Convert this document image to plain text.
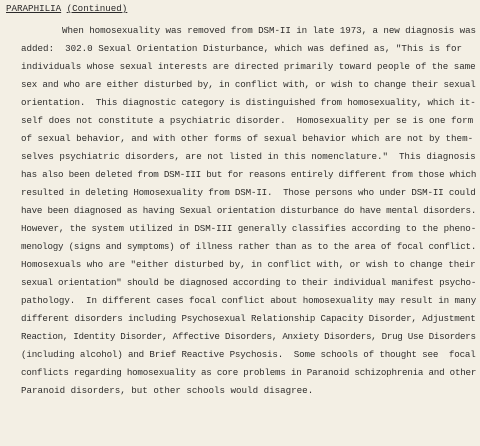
PARAPHILIA (Continued)
When homosexuality was removed from DSM-II in late 1973, a new diagnosis was
added:  302.0 Sexual Orientation Disturbance, which was defined as, "This is for
individuals whose sexual interests are directed primarily toward people of the same
sex and who are either disturbed by, in conflict with, or wish to change their sexual
orientation.  This diagnostic category is distinguished from homosexuality, which it-
self does not constitute a psychiatric disorder.  Homosexuality per se is one form
of sexual behavior, and with other forms of sexual behavior which are not by them-
selves psychiatric disorders, are not listed in this nomenclature."  This diagnosis
has also been deleted from DSM-III but for reasons entirely different from those which
resulted in deleting Homosexuality from DSM-II.  Those persons who under DSM-II could
have been diagnosed as having Sexual orientation disturbance do have mental disorders.
However, the system utilized in DSM-III generally classifies according to the pheno-
menology (signs and symptoms) of illness rather than as to the area of focal conflict.
Homosexuals who are "either disturbed by, in conflict with, or wish to change their
sexual orientation" should be diagnosed according to their individual manifest psycho-
pathology.  In different cases focal conflict about homosexuality may result in many
different disorders including Psychosexual Relationship Capacity Disorder, Adjustment
Reaction, Identity Disorder, Affective Disorders, Anxiety Disorders, Drug Use Disorders
(including alcohol) and Brief Reactive Psychosis.  Some schools of thought see  focal
conflicts regarding homosexuality as core problems in Paranoid schizophrenia and other
Paranoid disorders, but other schools would disagree.
